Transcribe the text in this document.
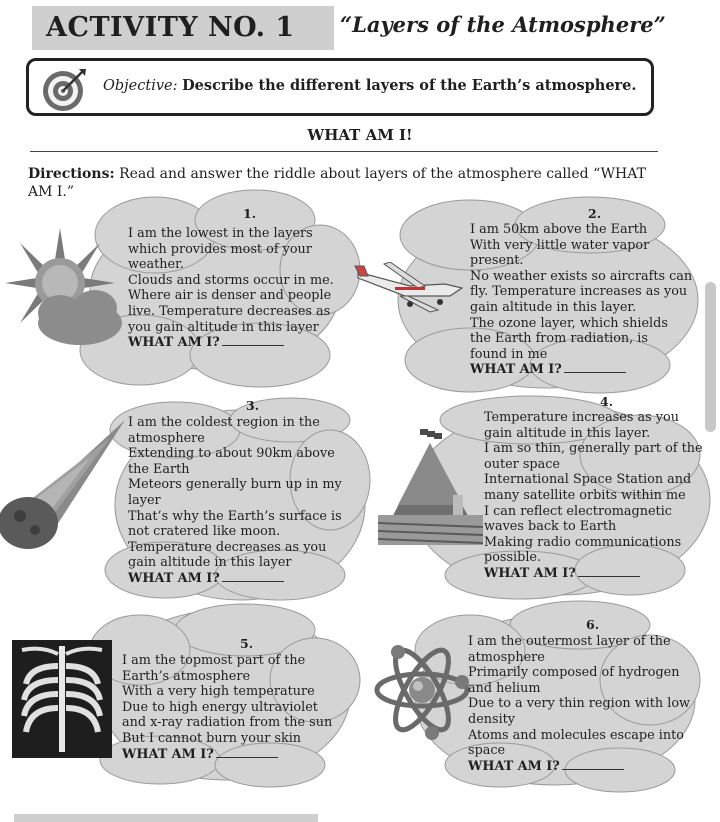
ACTIVITY NO. 1	“Layers of the Atmosphere”
Objective: Describe the different layers of the Earth’s atmosphere.
WHAT AM I!
Directions: Read and answer the riddle about layers of the atmosphere called “WHAT AM I.”
1.
I am the lowest in the layers
which provides most of your
weather.
Clouds and storms occur in me.
Where air is denser and people
live. Temperature decreases as
you gain altitude in this layer
WHAT AM I?
2.
I am 50km above the Earth
With very little water vapor
present.
No weather exists so aircrafts can
fly. Temperature increases as you
gain altitude in this layer.
The ozone layer, which shields
the Earth from radiation, is
found in me
WHAT AM I?
3.
I am the coldest region in the
atmosphere
Extending to about 90km above
the Earth
Meteors generally burn up in my
layer
That’s why the Earth’s surface is
not cratered like moon.
Temperature decreases as you
gain altitude in this layer
WHAT AM I?
4.
Temperature increases as you
gain altitude in this layer.
I am so thin, generally part of the
outer space
International Space Station and
many satellite orbits within me
I can reflect electromagnetic
waves back to Earth
Making radio communications
possible.
WHAT AM I?
5.
I am the topmost part of the
Earth’s atmosphere
With a very high temperature
Due to high energy ultraviolet
and x-ray radiation from the sun
But I cannot burn your skin
WHAT AM I?
6.
I am the outermost layer of the
atmosphere
Primarily composed of hydrogen
and helium
Due to a very thin region with low
density
Atoms and molecules escape into
space
WHAT AM I?
